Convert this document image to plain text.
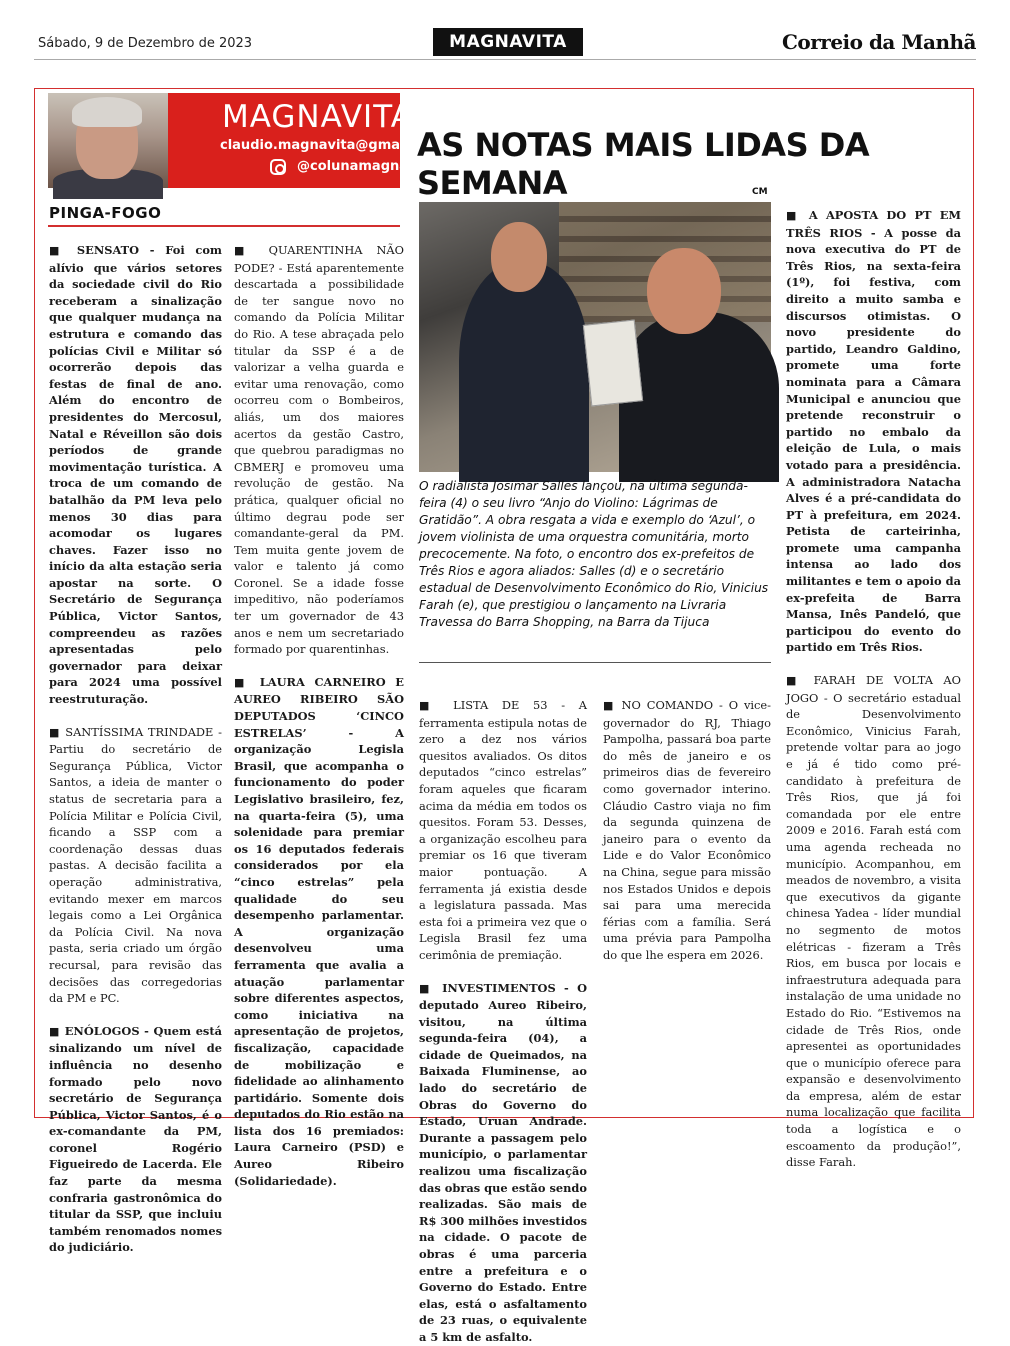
Sábado, 9 de Dezembro de 2023	MAGNAVITA	Correio da Manhã
MAGNAVITA
claudio.magnavita@gmail.com
@colunamagnavita
AS NOTAS MAIS LIDAS DA SEMANA
PINGA-FOGO

■ SENSATO - Foi com alívio que vários setores da sociedade civil do Rio receberam a sinalização que qualquer mudança na estrutura e comando das polícias Civil e Militar só ocorrerão depois das festas de final de ano. Além do encontro de presidentes do Mercosul, Natal e Réveillon são dois períodos de grande movimentação turística. A troca de um comando de batalhão da PM leva pelo menos 30 dias para acomodar os lugares chaves. Fazer isso no início da alta estação seria apostar na sorte. O Secretário de Segurança Pública, Victor Santos, compreendeu as razões apresentadas pelo governador para deixar para 2024 uma possível reestruturação.

■ SANTÍSSIMA TRINDADE - Partiu do secretário de Segurança Pública, Victor Santos, a ideia de manter o status de secretaria para a Polícia Militar e Polícia Civil, ficando a SSP com a coordenação dessas duas pastas. A decisão facilita a operação administrativa, evitando mexer em marcos legais como a Lei Orgânica da Polícia Civil. Na nova pasta, seria criado um órgão recursal, para revisão das decisões das corregedorias da PM e PC.

■ ENÓLOGOS - Quem está sinalizando um nível de influência no desenho formado pelo novo secretário de Segurança Pública, Victor Santos, é o ex-comandante da PM, coronel Rogério Figueiredo de Lacerda. Ele faz parte da mesma confraria gastronômica do titular da SSP, que incluiu também renomados nomes do judiciário.

■ QUARENTINHA NÃO PODE? - Está aparentemente descartada a possibilidade de ter sangue novo no comando da Polícia Militar do Rio. A tese abraçada pelo titular da SSP é a de valorizar a velha guarda e evitar uma renovação, como ocorreu com o Bombeiros, aliás, um dos maiores acertos da gestão Castro, que quebrou paradigmas no CBMERJ e promoveu uma revolução de gestão. Na prática, qualquer oficial no último degrau pode ser comandante-geral da PM. Tem muita gente jovem de valor e talento já como Coronel. Se a idade fosse impeditivo, não poderíamos ter um governador de 43 anos e nem um secretariado formado por quarentinhas.

■ LAURA CARNEIRO E AUREO RIBEIRO SÃO DEPUTADOS ‘CINCO ESTRELAS’ - A organização Legisla Brasil, que acompanha o funcionamento do poder Legislativo brasileiro, fez, na quarta-feira (5), uma solenidade para premiar os 16 deputados federais considerados por ela “cinco estrelas” pela qualidade do seu desempenho parlamentar. A organização desenvolveu uma ferramenta que avalia a atuação parlamentar sobre diferentes aspectos, como iniciativa na apresentação de projetos, fiscalização, capacidade de mobilização e fidelidade ao alinhamento partidário. Somente dois deputados do Rio estão na lista dos 16 premiados: Laura Carneiro (PSD) e Aureo Ribeiro (Solidariedade).

CM
O radialista Josimar Salles lançou, na última segunda-feira (4) o seu livro “Anjo do Violino: Lágrimas de Gratidão”. A obra resgata a vida e exemplo do ‘Azul’, o jovem violinista de uma orquestra comunitária, morto precocemente. Na foto, o encontro dos ex-prefeitos de Três Rios e agora aliados: Salles (d) e o secretário estadual de Desenvolvimento Econômico do Rio, Vinicius Farah (e), que prestigiou o lançamento na Livraria Travessa do Barra Shopping, na Barra da Tijuca

■ LISTA DE 53 - A ferramenta estipula notas de zero a dez nos vários quesitos avaliados. Os ditos deputados “cinco estrelas” foram aqueles que ficaram acima da média em todos os quesitos. Foram 53. Desses, a organização escolheu para premiar os 16 que tiveram maior pontuação. A ferramenta já existia desde a legislatura passada. Mas esta foi a primeira vez que o Legisla Brasil fez uma cerimônia de premiação.

■ INVESTIMENTOS - O deputado Aureo Ribeiro, visitou, na última segunda-feira (04), a cidade de Queimados, na Baixada Fluminense, ao lado do secretário de Obras do Governo do Estado, Uruan Andrade. Durante a passagem pelo município, o parlamentar realizou uma fiscalização das obras que estão sendo realizadas. São mais de R$ 300 milhões investidos na cidade. O pacote de obras é uma parceria entre a prefeitura e o Governo do Estado. Entre elas, está o asfaltamento de 23 ruas, o equivalente a 5 km de asfalto.

■ NO COMANDO - O vice-governador do RJ, Thiago Pampolha, passará boa parte do mês de janeiro e os primeiros dias de fevereiro como governador interino. Cláudio Castro viaja no fim da segunda quinzena de janeiro para o evento da Lide e do Valor Econômico na China, segue para missão nos Estados Unidos e depois sai para uma merecida férias com a família. Será uma prévia para Pampolha do que lhe espera em 2026.

■ A APOSTA DO PT EM TRÊS RIOS - A posse da nova executiva do PT de Três Rios, na sexta-feira (1º), foi festiva, com direito a muito samba e discursos otimistas. O novo presidente do partido, Leandro Galdino, promete uma forte nominata para a Câmara Municipal e anunciou que pretende reconstruir o partido no embalo da eleição de Lula, o mais votado para a presidência. A administradora Natacha Alves é a pré-candidata do PT à prefeitura, em 2024. Petista de carteirinha, promete uma campanha intensa ao lado dos militantes e tem o apoio da ex-prefeita de Barra Mansa, Inês Pandeló, que participou do evento do partido em Três Rios.

■ FARAH DE VOLTA AO JOGO - O secretário estadual de Desenvolvimento Econômico, Vinicius Farah, pretende voltar para ao jogo e já é tido como pré-candidato à prefeitura de Três Rios, que já foi comandada por ele entre 2009 e 2016. Farah está com uma agenda recheada no município. Acompanhou, em meados de novembro, a visita que executivos da gigante chinesa Yadea - líder mundial no segmento de motos elétricas - fizeram a Três Rios, em busca por locais e infraestrutura adequada para instalação de uma unidade no Estado do Rio. “Estivemos na cidade de Três Rios, onde apresentei as oportunidades que o município oferece para expansão e desenvolvimento da empresa, além de estar numa localização que facilita toda a logística e o escoamento da produção!”, disse Farah.
